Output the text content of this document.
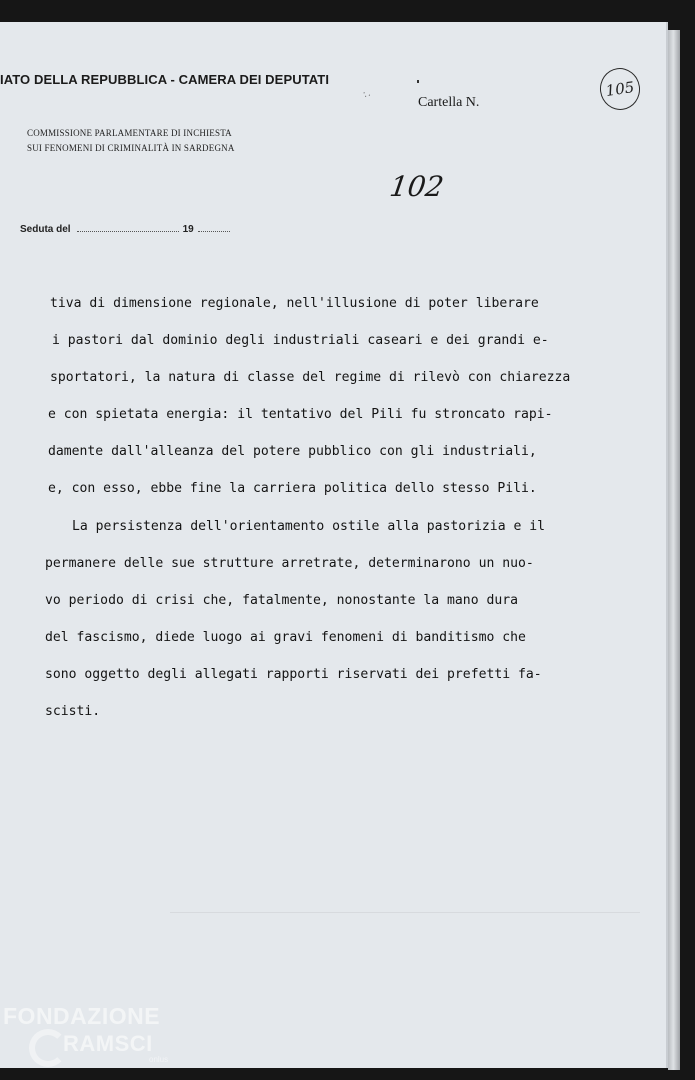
IATO DELLA REPUBBLICA - CAMERA DEI DEPUTATI
COMMISSIONE PARLAMENTARE DI INCHIESTA
SUI FENOMENI DI CRIMINALITÀ IN SARDEGNA
·.·	Cartella N.
105
102
Seduta del	19
tiva di dimensione regionale, nell'illusione di poter liberare
i pastori dal dominio degli industriali caseari e dei grandi e-
sportatori, la natura di classe del regime di rilevò con chiarezza
e con spietata energia: il tentativo del Pili fu stroncato rapi-
damente dall'alleanza del potere pubblico con gli industriali,
e, con esso, ebbe fine la carriera politica dello stesso Pili.
La persistenza dell'orientamento ostile alla pastorizia e il
permanere delle sue strutture arretrate, determinarono un nuo-
vo periodo di crisi che, fatalmente, nonostante la mano dura
del fascismo, diede luogo ai gravi fenomeni di banditismo che
sono oggetto degli allegati rapporti riservati dei prefetti fa-
scisti.
FONDAZIONE
RAMSCI
onlus
